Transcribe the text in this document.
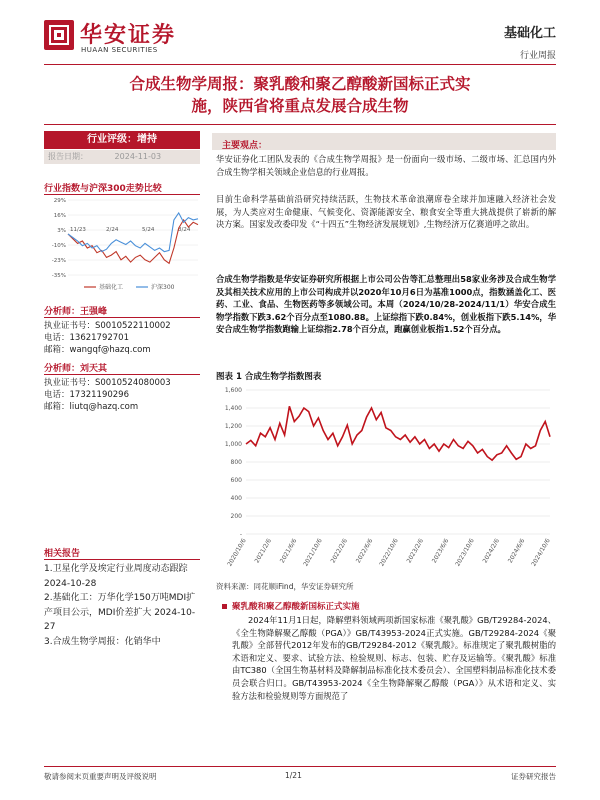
华安证券
HUAAN SECURITIES
基础化工
行业周报
合成生物学周报：聚乳酸和聚乙醇酸新国标正式实
施，陕西省将重点发展合成生物
行业评级：增持
报告日期：	2024-11-03
行业指数与沪深300走势比较
29%
16%
3%
-10%
-23%
-35%
11/23	2/24	5/24	8/24
基础化工	沪深300
分析师：王强峰
执业证书号：S0010522110002
电话：13621792701
邮箱：wangqf@hazq.com
分析师：刘天其
执业证书号：S0010524080003
电话：17321190296
邮箱：liutq@hazq.com
相关报告
1.卫星化学及埃定行业周度动态跟踪 2024-10-28
2.基础化工：万华化学150万吨MDI扩产项目公示，MDI价差扩大 2024-10-27
3.合成生物学周报：化销华中
主要观点：
华安证券化工团队发表的《合成生物学周报》是一份面向一级市场、二级市场、汇总国内外合成生物学相关领域企业信息的行业周报。
目前生命科学基础前沿研究持续活跃，生物技术革命浪潮席卷全球并加速融入经济社会发展，为人类应对生命健康、气候变化、资源能源安全、粮食安全等重大挑战提供了崭新的解决方案。国家发改委印发《“十四五”生物经济发展规划》,生物经济万亿赛道呼之欲出。
合成生物学指数是华安证券研究所根据上市公司公告等汇总整理出58家业务涉及合成生物学及其相关技术应用的上市公司构成并以2020年10月6日为基准1000点，指数涵盖化工、医药、工业、食品、生物医药等多领域公司。本周（2024/10/28-2024/11/1）华安合成生物学指数下跌3.62个百分点至1080.88。上证综指下跌0.84%，创业板指下跌5.14%，华安合成生物学指数跑输上证综指2.78个百分点，跑赢创业板指1.52个百分点。
图表 1 合成生物学指数图表
1,600
1,400
1,200
1,000
800
600
400
200
-
2020/10/6 2021/2/6 2021/6/6 2021/10/6 2022/2/6 2022/6/6 2022/10/6 2023/2/6 2023/6/6 2023/10/6 2024/2/6 2024/6/6 2024/10/6
资料来源：同花顺iFind，华安证券研究所
聚乳酸和聚乙醇酸新国标正式实施
2024年11月1日起，降解塑料领域两项新国家标准《聚乳酸》GB/T29284-2024、《全生物降解聚乙醇酸（PGA）》GB/T43953-2024正式实施。GB/T29284-2024《聚乳酸》全部替代2012年发布的GB/T29284-2012《聚乳酸》。标准规定了聚乳酸树脂的术语和定义、要求、试验方法、检验规则、标志、包装、贮存及运输等。《聚乳酸》标准由TC380（全国生物基材料及降解制品标准化技术委员会）、全国塑料制品标准化技术委员会联合归口。GB/T43953-2024《全生物降解聚乙醇酸（PGA）》从术语和定义、实验方法和检验规则等方面规范了
敬请参阅末页重要声明及评级说明	1/21	证券研究报告
